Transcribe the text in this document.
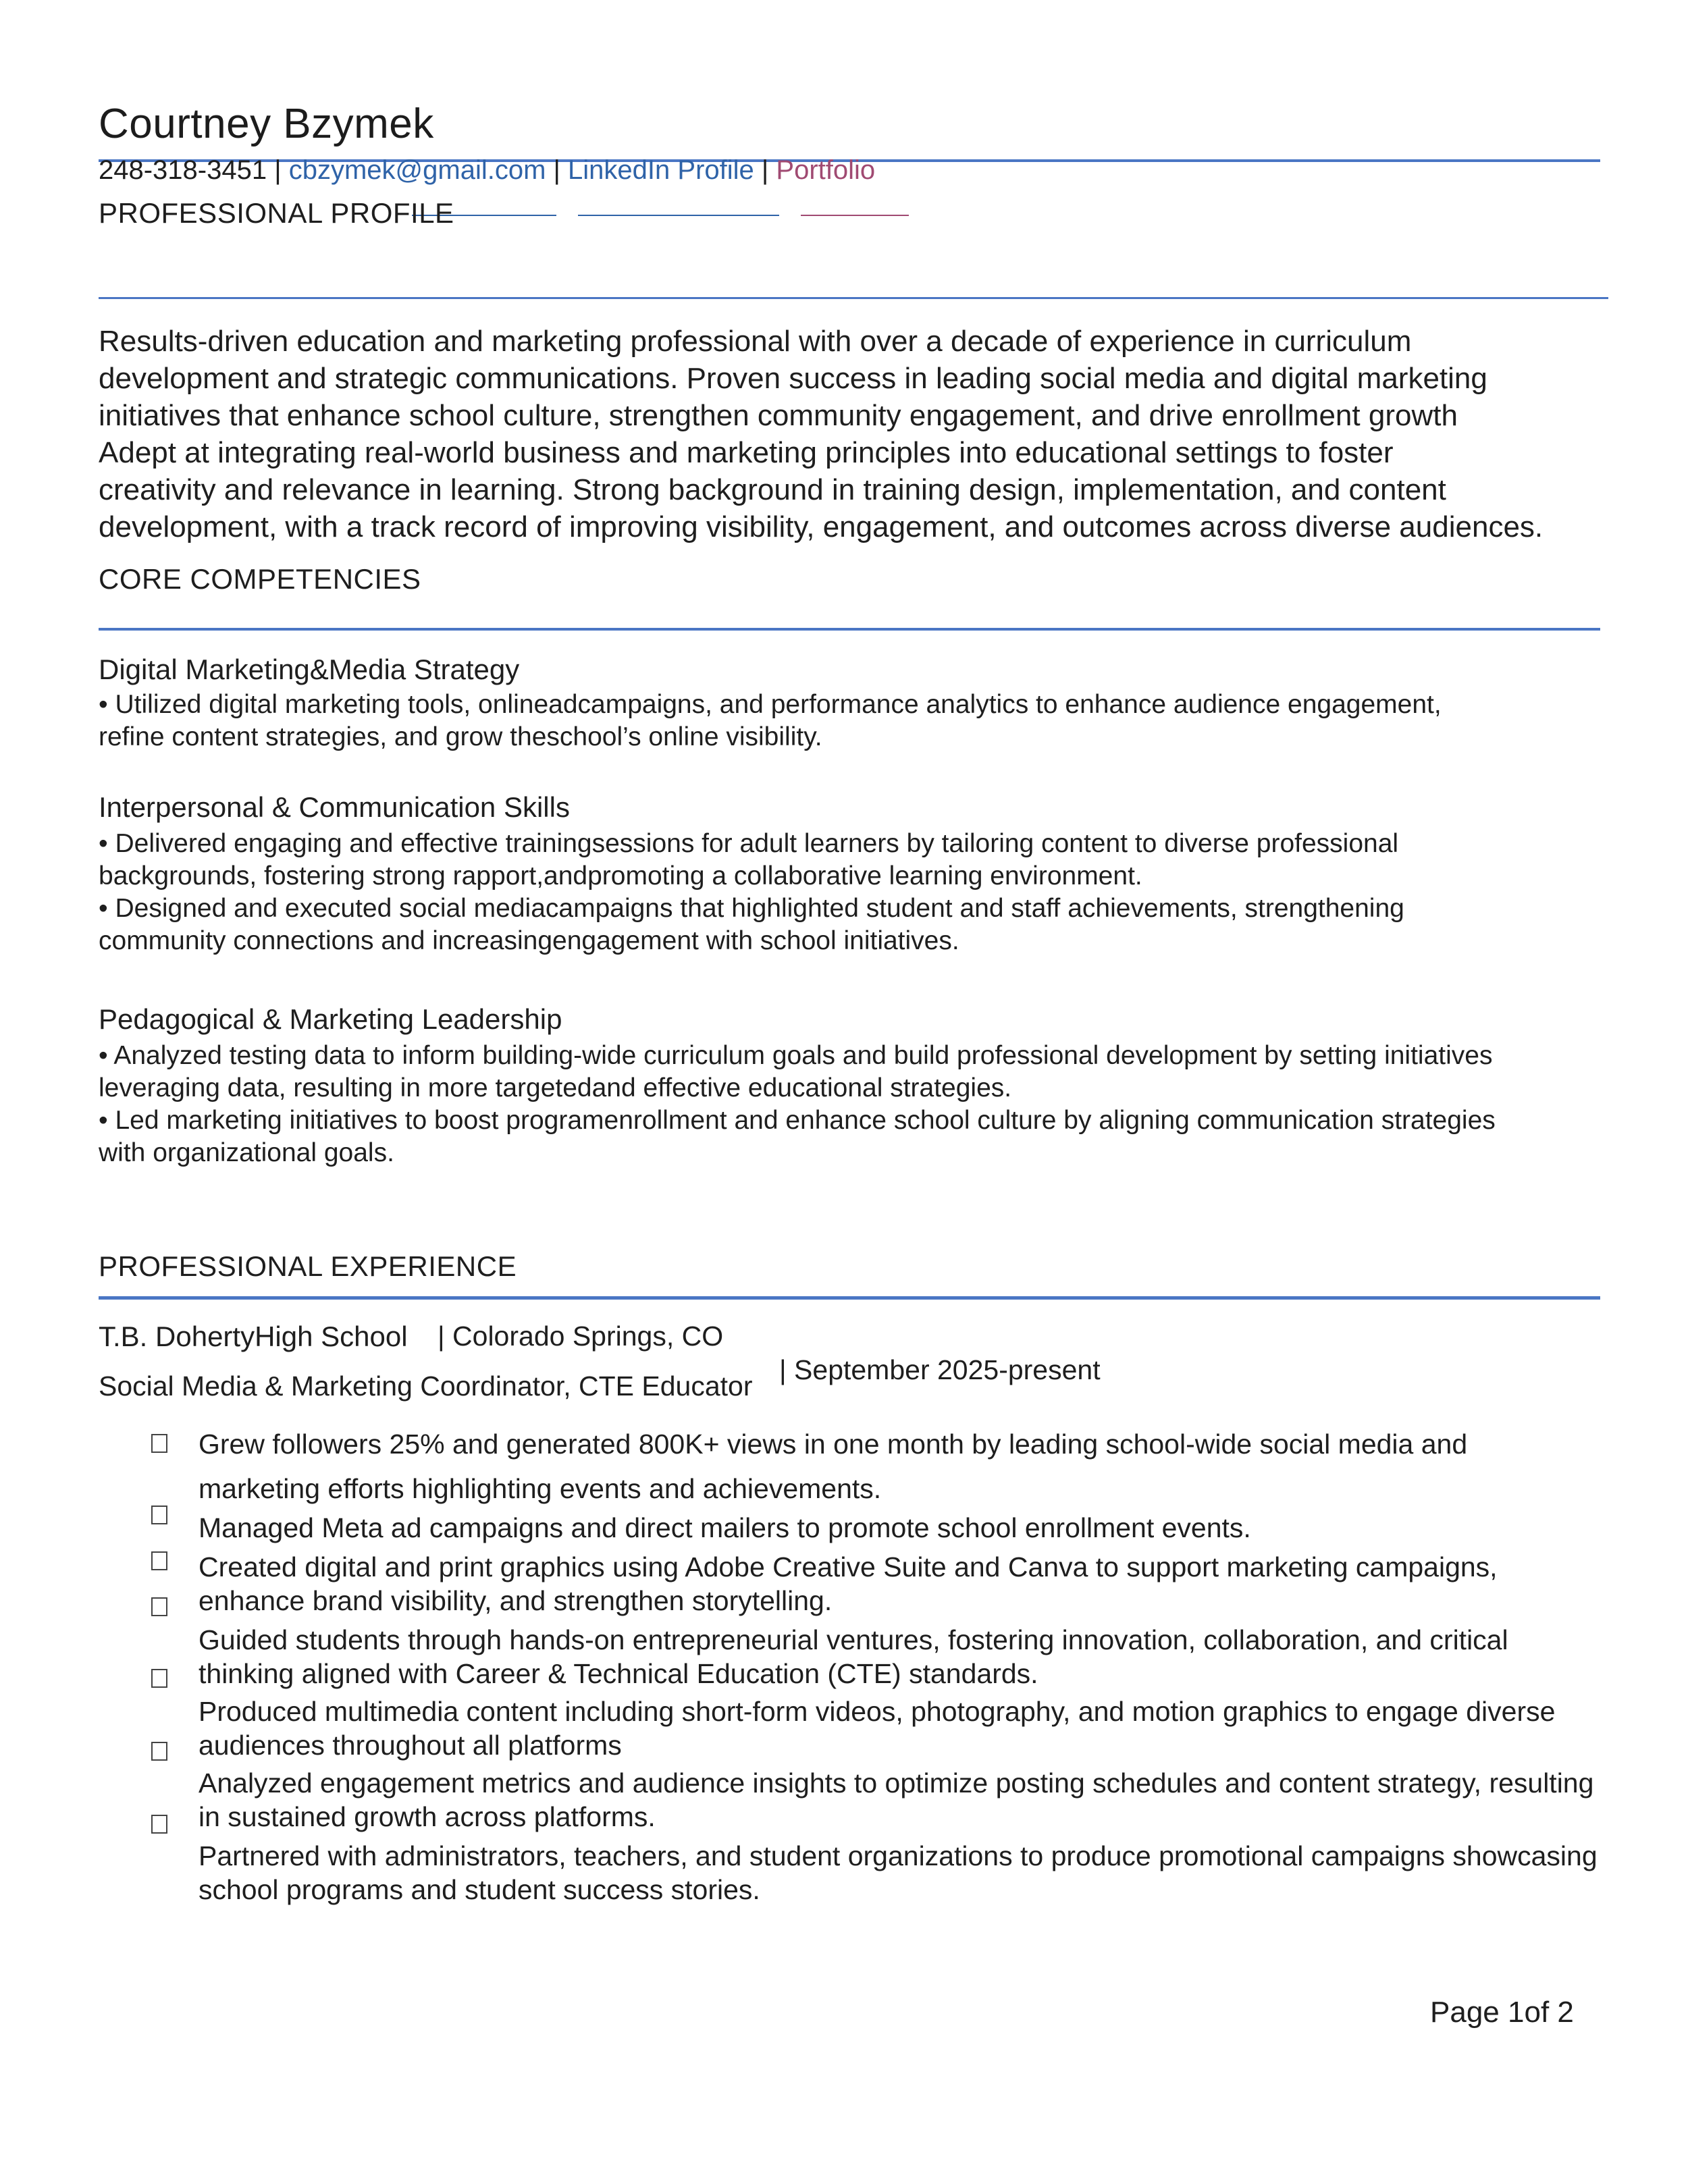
Courtney Bzymek
248-318-3451 | cbzymek@gmail.com | LinkedIn Profile | Portfolio
PROFESSIONAL PROFILE
Results-driven education and marketing professional with over a decade of experience in curriculum
development and strategic communications. Proven success in leading social media and digital marketing
initiatives that enhance school culture, strengthen community engagement, and drive enrollment growth
Adept at integrating real-world business and marketing principles into educational settings to foster
creativity and relevance in learning. Strong background in training design, implementation, and content
development, with a track record of improving visibility, engagement, and outcomes across diverse audiences.
CORE COMPETENCIES
Digital Marketing&Media Strategy
• Utilized digital marketing tools, onlineadcampaigns, and performance analytics to enhance audience engagement,
refine content strategies, and grow theschool’s online visibility.
Interpersonal & Communication Skills
• Delivered engaging and effective trainingsessions for adult learners by tailoring content to diverse professional
backgrounds, fostering strong rapport,andpromoting a collaborative learning environment.
• Designed and executed social mediacampaigns that highlighted student and staff achievements, strengthening
community connections and increasingengagement with school initiatives.
Pedagogical & Marketing Leadership
• Analyzed testing data to inform building-wide curriculum goals and build professional development by setting initiatives
leveraging data, resulting in more targetedand effective educational strategies.
• Led marketing initiatives to boost programenrollment and enhance school culture by aligning communication strategies
with organizational goals.
PROFESSIONAL EXPERIENCE
T.B. DohertyHigh School | Colorado Springs, CO
Social Media & Marketing Coordinator, CTE Educator
| September 2025-present
Grew followers 25% and generated 800K+ views in one month by leading school-wide social media and
marketing efforts highlighting events and achievements.
Managed Meta ad campaigns and direct mailers to promote school enrollment events.
Created digital and print graphics using Adobe Creative Suite and Canva to support marketing campaigns,
enhance brand visibility, and strengthen storytelling.
Guided students through hands-on entrepreneurial ventures, fostering innovation, collaboration, and critical
thinking aligned with Career & Technical Education (CTE) standards.
Produced multimedia content including short-form videos, photography, and motion graphics to engage diverse
audiences throughout all platforms
Analyzed engagement metrics and audience insights to optimize posting schedules and content strategy, resulting
in sustained growth across platforms.
Partnered with administrators, teachers, and student organizations to produce promotional campaigns showcasing
school programs and student success stories.
Page 1of 2
